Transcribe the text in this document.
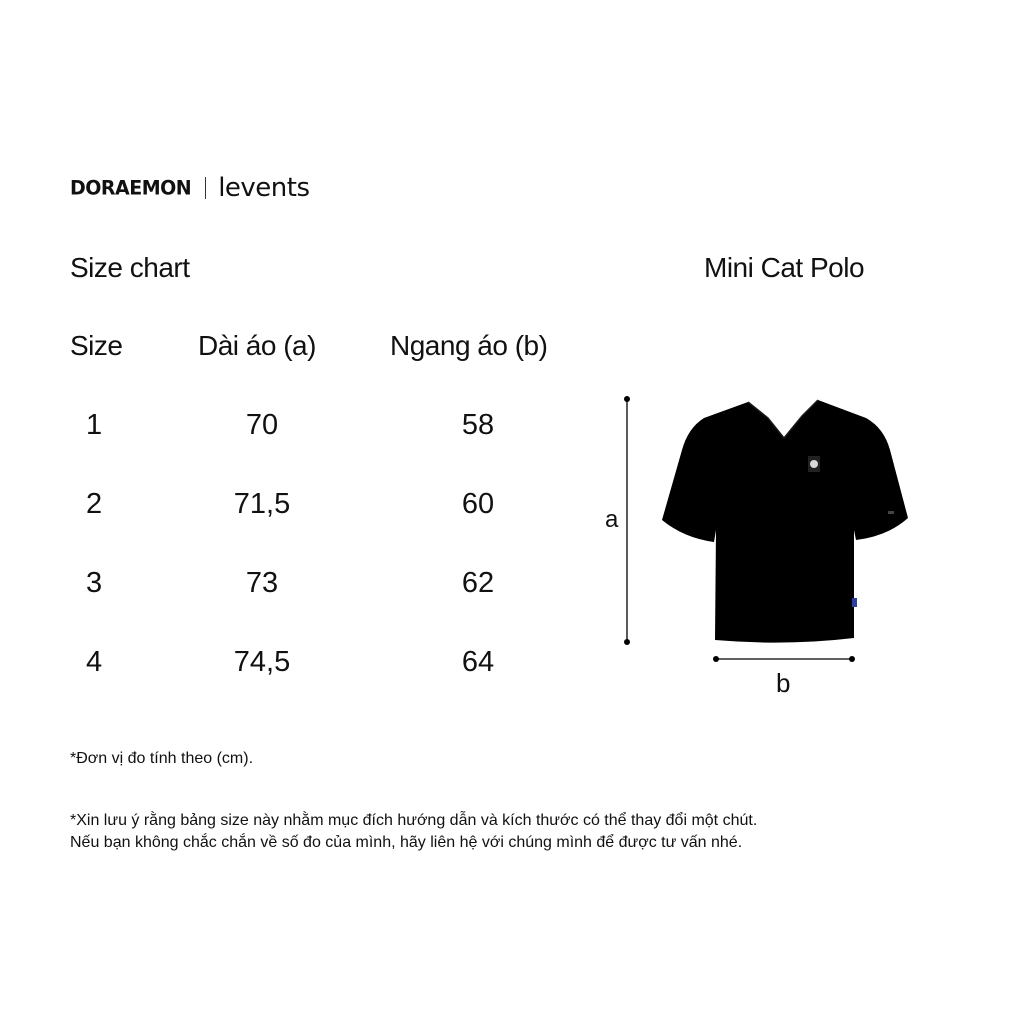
DORAEMON levents
Size chart	Mini Cat Polo
Size	Dài áo (a)	Ngang áo (b)
1	70	58
2	71,5	60
3	73	62
4	74,5	64
a
b
*Đơn vị đo tính theo (cm).
*Xin lưu ý rằng bảng size này nhằm mục đích hướng dẫn và kích thước có thể thay đổi một chút.
Nếu bạn không chắc chắn về số đo của mình, hãy liên hệ với chúng mình để được tư vấn nhé.
